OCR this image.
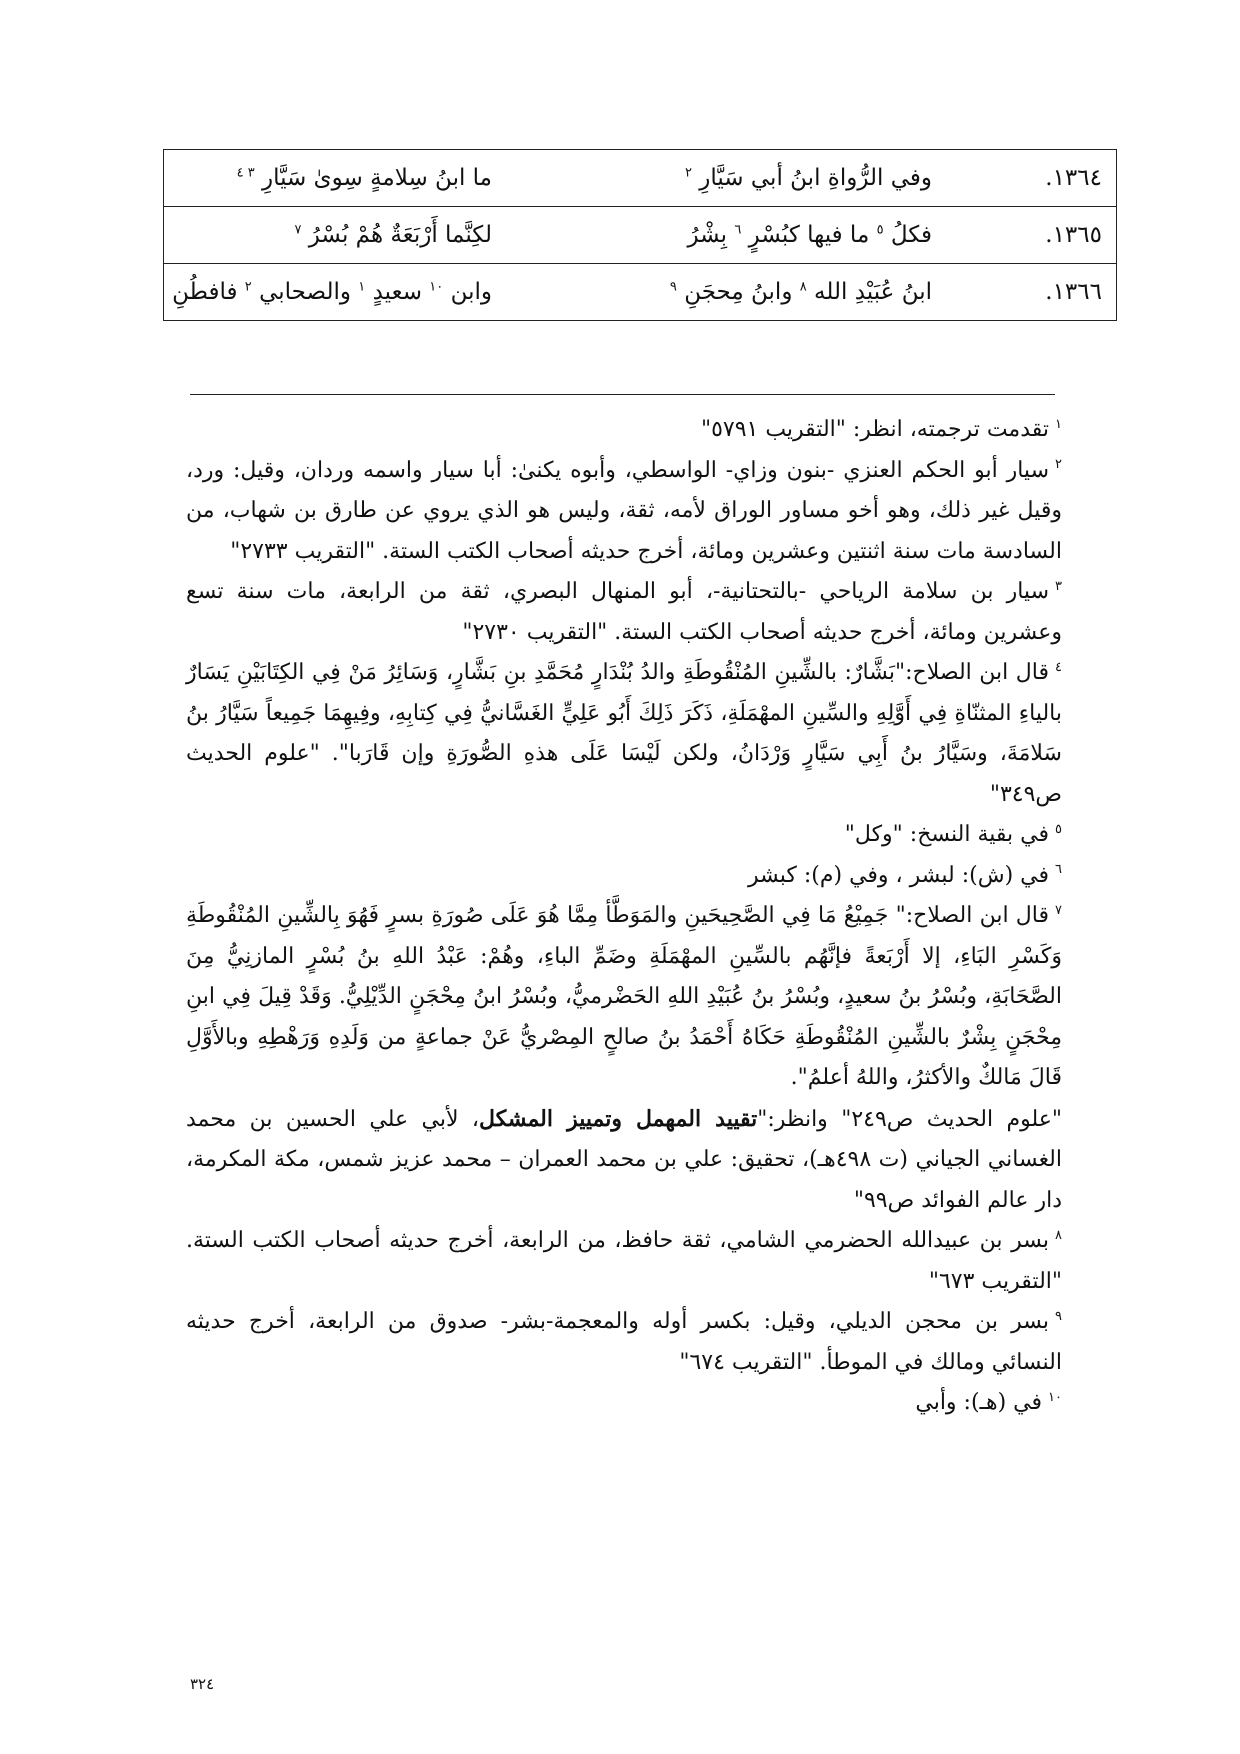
١٣٦٤.	وفي الرُّواةِ ابنُ أبي سَيَّارِ $^٢$	ما ابنُ سِلامةٍ سِوىٰ سَيَّارِ $^{٣ ٤}$
١٣٦٥.	فكلُ $^٥$ ما فيها كبُسْرٍ $^٦$ بِشْرُ	لكِنَّما أَرْبَعَةٌ هُمْ بُسْرُ $^٧$
١٣٦٦.	ابنُ عُبَيْدِ الله $^٨$ وابنُ مِحجَنِ $^٩$	وابن $^{١٠}$ سعيدٍ $^١$ والصحابي $^٢$ فافطُنِ

$^١$تقدمت ترجمته، انظر: "التقريب ٥٧٩١"

$^٢$سيار أبو الحكم العنزي -بنون وزاي- الواسطي، وأبوه يكنىٰ: أبا سيار واسمه وردان، وقيل: ورد، وقيل غير ذلك، وهو أخو مساور الوراق لأمه، ثقة، وليس هو الذي يروي عن طارق بن شهاب، من السادسة مات سنة اثنتين وعشرين ومائة، أخرج حديثه أصحاب الكتب الستة. "التقريب ٢٧٣٣"

$^٣$سيار بن سلامة الرياحي -بالتحتانية-، أبو المنهال البصري، ثقة من الرابعة، مات سنة تسع وعشرين ومائة، أخرج حديثه أصحاب الكتب الستة. "التقريب ٢٧٣٠"

$^٤$قال ابن الصلاح:"بَشَّارٌ: بالشِّينِ المُنْقُوطَةِ والدُ بُنْدَارٍ مُحَمَّدِ بنِ بَشَّارٍ، وَسَائِرُ مَنْ فِي الكِتَابَيْنِ يَسَارٌ بالياءِ المثنّاةِ فِي أَوَّلِهِ والسِّينِ المهْمَلَةِ، ذَكَرَ ذَلِكَ أَبُو عَلِيٍّ الغَسَّانيُّ فِي كِتابِهِ، وفِيهِمَا جَمِيعاً سَيَّارُ بنُ سَلامَةَ، وسَيَّارُ بنُ أَبِي سَيَّارٍ وَرْدَانُ، ولكن لَيْسَا عَلَى هذهِ الصُّورَةِ وإن قَارَبا". "علوم الحديث ص٣٤٩"

$^٥$في بقية النسخ: "وكل"

$^٦$في (ش): لبشر ، وفي (م): كبشر

$^٧$قال ابن الصلاح:" جَمِيْعُ مَا فِي الصَّحِيحَينِ والمَوَطَّأ مِمَّا هُوَ عَلَى صُورَةِ بسرٍ فَهُوَ بِالشِّينِ المُنْقُوطَةِ وَكَسْرِ البَاءِ، إلا أَرْبَعةً فإنَّهُم بالسِّينِ المهْمَلَةِ وضَمِّ الباءِ، وهُمْ: عَبْدُ اللهِ بنُ بُسْرٍ المازنِيُّ مِنَ الصَّحَابَةِ، وبُسْرُ بنُ سعيدٍ، وبُسْرُ بنُ عُبَيْدِ اللهِ الحَضْرميُّ، وبُسْرُ ابنُ مِحْجَنٍ الدِّيْلِيُّ. وَقَدْ قِيلَ فِي ابنِ مِحْجَنٍ بِشْرٌ بالشِّينِ المُنْقُوطَةِ حَكَاهُ أَحْمَدُ بنُ صالحٍ المِصْريُّ عَنْ جماعةٍ من وَلَدِهِ وَرَهْطِهِ وبالأَوَّلِ قَالَ مَالكٌ والأكثرُ، واللهُ أعلمُ".

"علوم الحديث ص٢٤٩" وانظر:"تقييد المهمل وتمييز المشكل، لأبي علي الحسين بن محمد الغساني الجياني (ت ٤٩٨هـ)، تحقيق: علي بن محمد العمران – محمد عزيز شمس، مكة المكرمة، دار عالم الفوائد ص٩٩"

$^٨$بسر بن عبيدالله الحضرمي الشامي، ثقة حافظ، من الرابعة، أخرج حديثه أصحاب الكتب الستة. "التقريب ٦٧٣"

$^٩$بسر بن محجن الديلي، وقيل: بكسر أوله والمعجمة-بشر- صدوق من الرابعة، أخرج حديثه النسائي ومالك في الموطأ. "التقريب ٦٧٤"

$^{١٠}$في (هـ): وأبي

٣٢٤
